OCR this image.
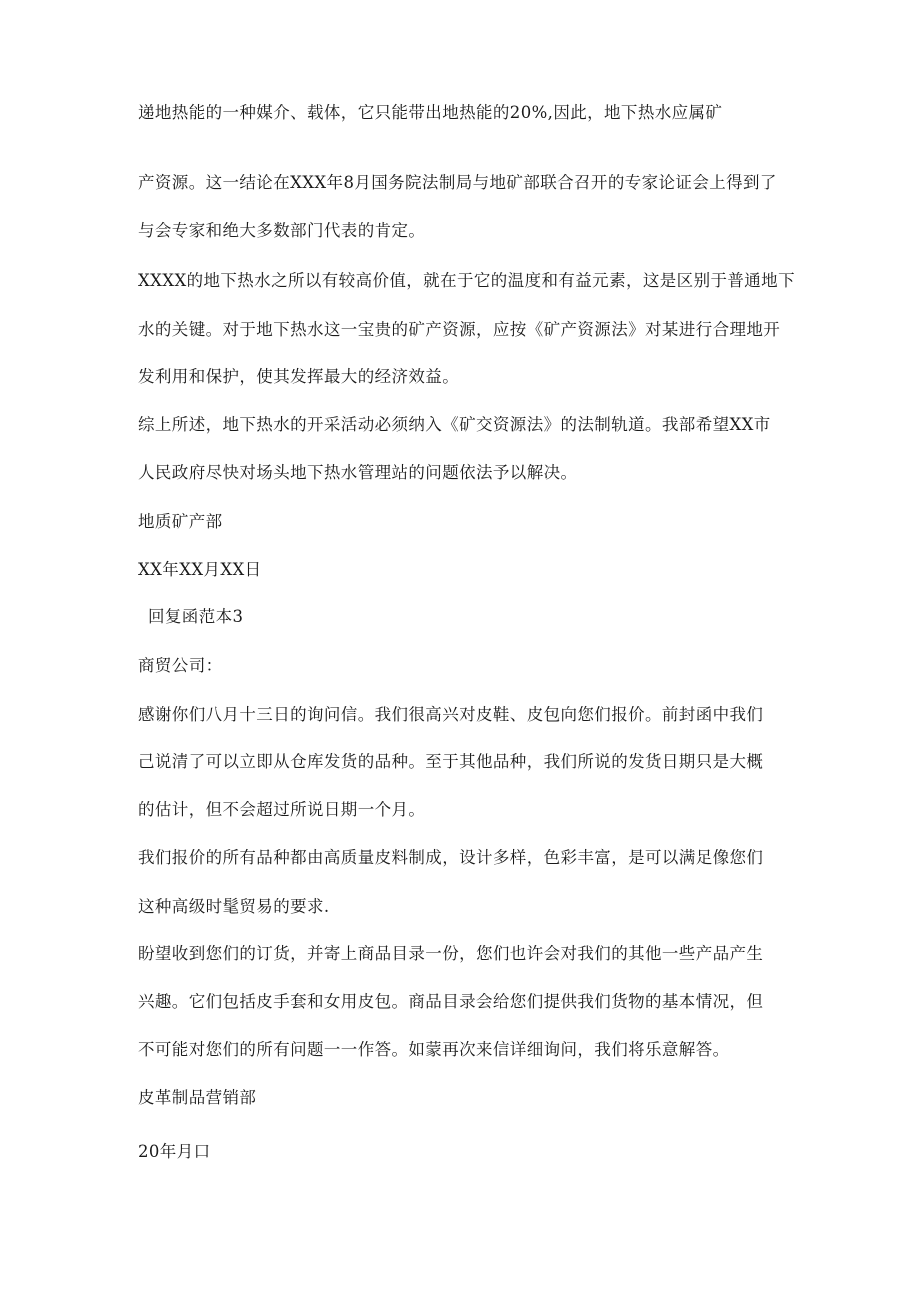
递地热能的一种媒介、载体，它只能带出地热能的20%,因此，地下热水应属矿
产资源。这一结论在XXX年8月国务院法制局与地矿部联合召开的专家论证会上得到了
与会专家和绝大多数部门代表的肯定。
XXXX的地下热水之所以有较高价值，就在于它的温度和有益元素，这是区别于普通地下
水的关键。对于地下热水这一宝贵的矿产资源，应按《矿产资源法》对某进行合理地开
发利用和保护，使其发挥最大的经济效益。
综上所述，地下热水的开采活动必须纳入《矿交资源法》的法制轨道。我部希望XX市
人民政府尽快对场头地下热水管理站的问题依法予以解决。
地质矿产部
XX年XX月XX日
回复函范本3
商贸公司：
感谢你们八月十三日的询问信。我们很高兴对皮鞋、皮包向您们报价。前封函中我们
己说清了可以立即从仓库发货的品种。至于其他品种，我们所说的发货日期只是大概
的估计，但不会超过所说日期一个月。
我们报价的所有品种都由高质量皮料制成，设计多样，色彩丰富，是可以满足像您们
这种高级时髦贸易的要求.
盼望收到您们的订货，并寄上商品目录一份，您们也许会对我们的其他一些产品产生
兴趣。它们包括皮手套和女用皮包。商品目录会给您们提供我们货物的基本情况，但
不可能对您们的所有问题一一作答。如蒙再次来信详细询问，我们将乐意解答。
皮革制品营销部
20年月口
